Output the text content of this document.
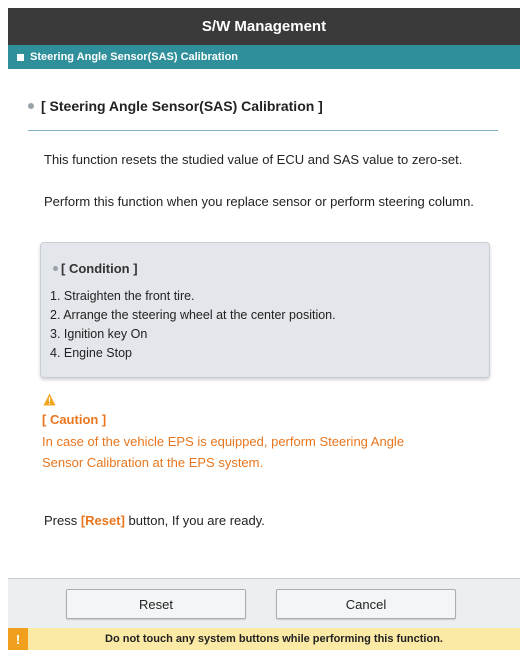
S/W Management
Steering Angle Sensor(SAS) Calibration
[ Steering Angle Sensor(SAS) Calibration ]
This function resets the studied value of ECU and SAS value to zero-set.
Perform this function when you replace sensor or perform steering column.
[ Condition ]
1. Straighten the front tire.
2. Arrange the steering wheel at the center position.
3. Ignition key On
4. Engine Stop
[ Caution ]
In case of the vehicle EPS is equipped, perform Steering Angle
Sensor Calibration at the EPS system.
Press [Reset] button, If you are ready.
Reset	Cancel
!	Do not touch any system buttons while performing this function.
